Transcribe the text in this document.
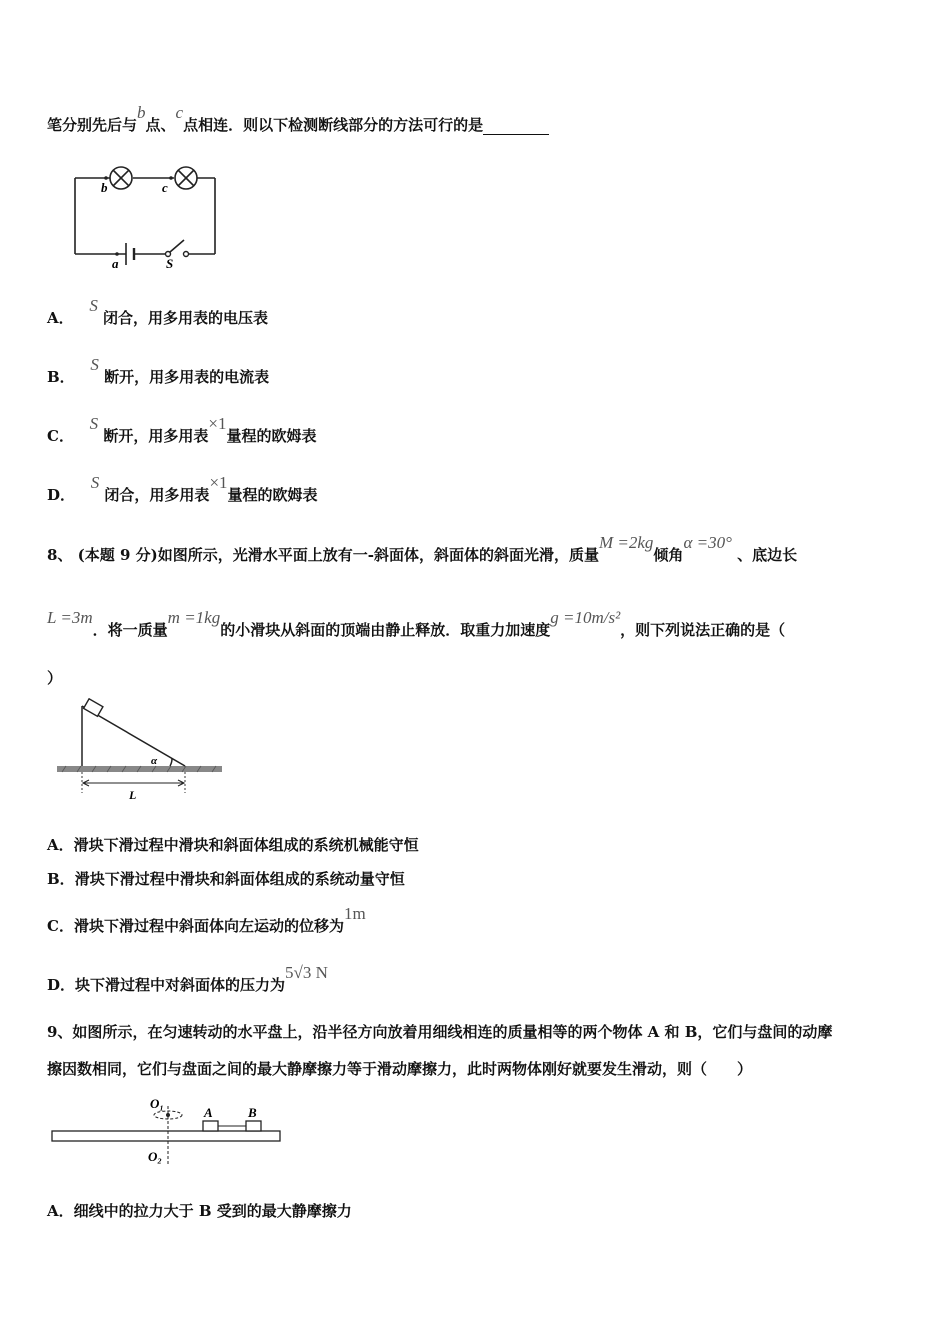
笔分别先后与b点、c点相连．则以下检测断线部分的方法可行的是
b	c
a	S
A．   S 闭合，用多用表的电压表
B．   S 断开，用多用表的电流表
C．   S 断开，用多用表×1量程的欧姆表
D．   S 闭合，用多用表×1量程的欧姆表
8、 (本题 9 分)如图所示，光滑水平面上放有一-斜面体，斜面体的斜面光滑，质量M =2kg倾角α =30° 、底边长
L =3m．将一质量m =1kg的小滑块从斜面的顶端由静止释放．取重力加速度g =10m/s²，则下列说法正确的是（
）
α
L
A．滑块下滑过程中滑块和斜面体组成的系统机械能守恒
B．滑块下滑过程中滑块和斜面体组成的系统动量守恒
C．滑块下滑过程中斜面体向左运动的位移为1m
D．块下滑过程中对斜面体的压力为5√3 N
9、如图所示，在匀速转动的水平盘上，沿半径方向放着用细线相连的质量相等的两个物体 A 和 B，它们与盘间的动摩
擦因数相同，它们与盘面之间的最大静摩擦力等于滑动摩擦力，此时两物体刚好就要发生滑动，则（　　）
O₁
O₂
A	B
A．细线中的拉力大于 B 受到的最大静摩擦力
